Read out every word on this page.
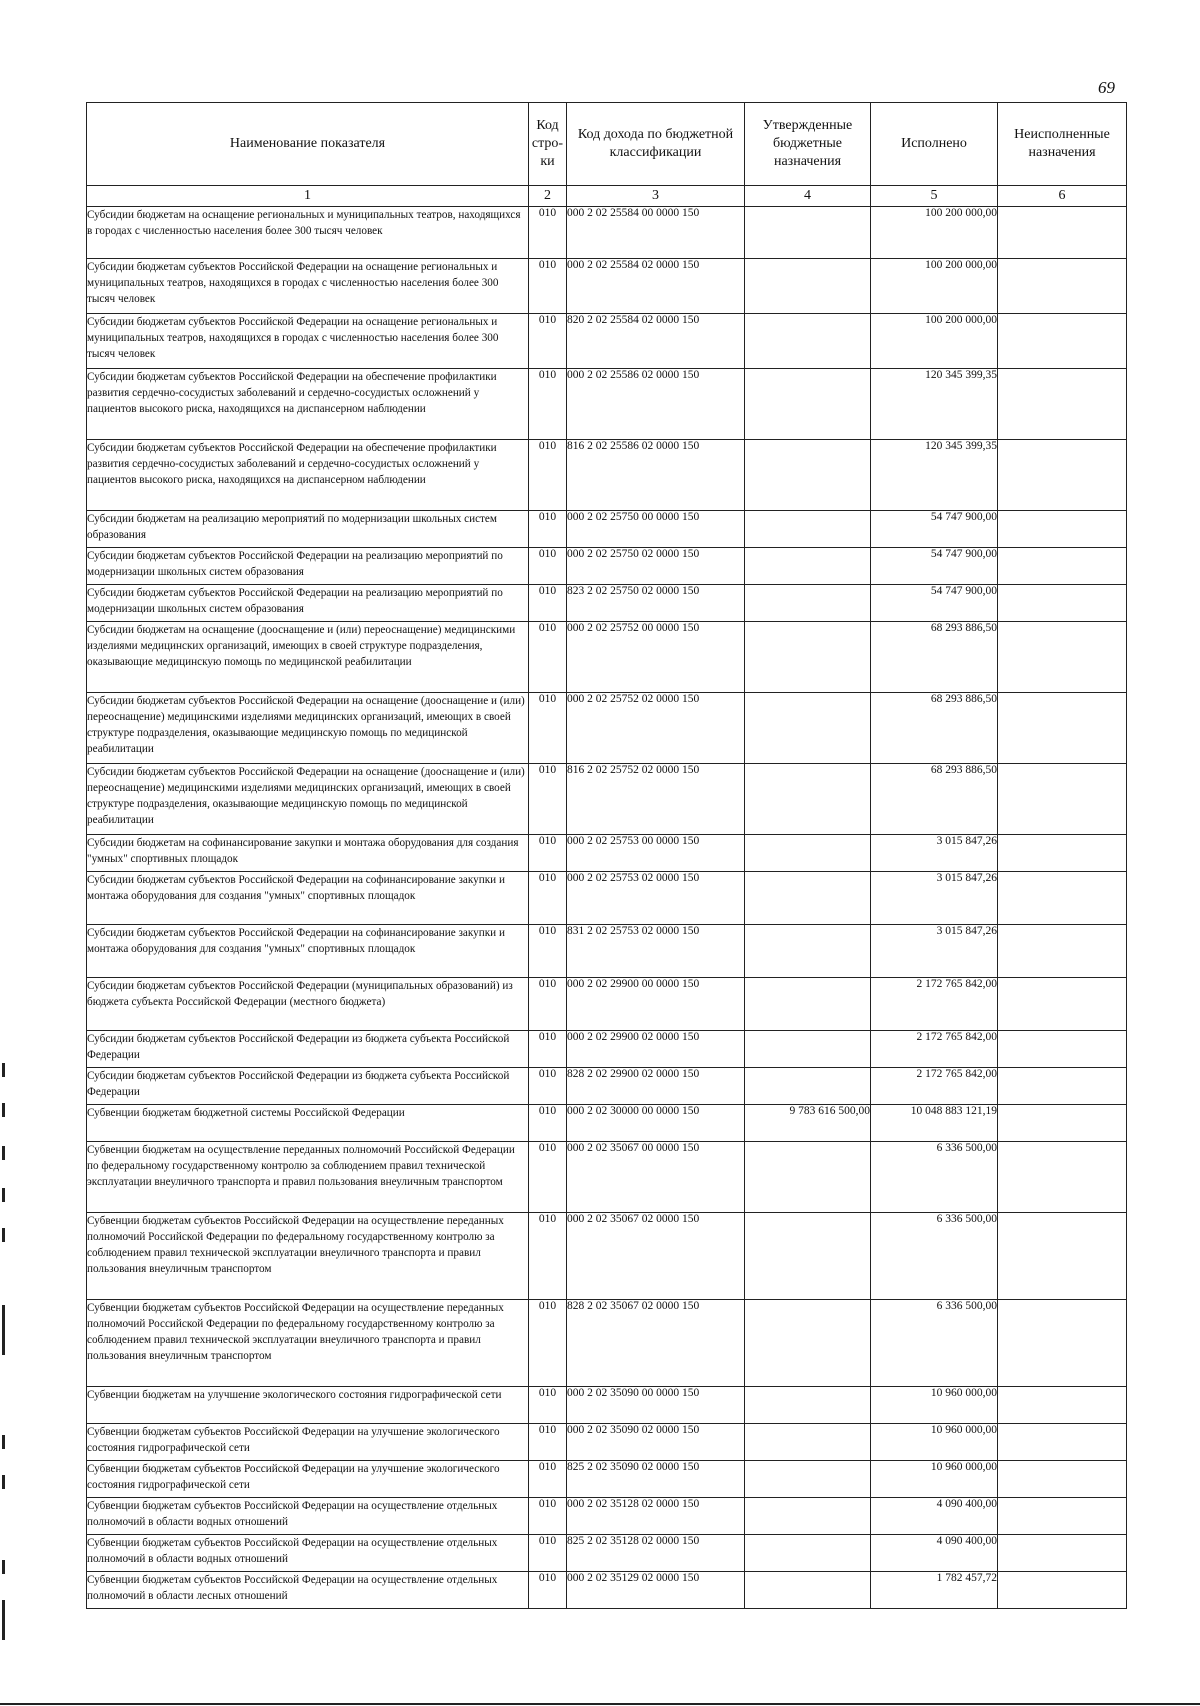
69
Наименование показателя	Код стро-ки	Код дохода по бюджетной классификации	Утвержденные бюджетные назначения	Исполнено	Неисполненные назначения
1	2	3	4	5	6
Субсидии бюджетам на оснащение региональных и муниципальных театров, находящихся в городах с численностью населения более 300 тысяч человек	010	000 2 02 25584 00 0000 150		100 200 000,00	
Субсидии бюджетам субъектов Российской Федерации на оснащение региональных и муниципальных театров, находящихся в городах с численностью населения более 300 тысяч человек	010	000 2 02 25584 02 0000 150		100 200 000,00	
Субсидии бюджетам субъектов Российской Федерации на оснащение региональных и муниципальных театров, находящихся в городах с численностью населения более 300 тысяч человек	010	820 2 02 25584 02 0000 150		100 200 000,00	
Субсидии бюджетам субъектов Российской Федерации на обеспечение профилактики развития сердечно-сосудистых заболеваний и сердечно-сосудистых осложнений у пациентов высокого риска, находящихся на диспансерном наблюдении	010	000 2 02 25586 02 0000 150		120 345 399,35	
Субсидии бюджетам субъектов Российской Федерации на обеспечение профилактики развития сердечно-сосудистых заболеваний и сердечно-сосудистых осложнений у пациентов высокого риска, находящихся на диспансерном наблюдении	010	816 2 02 25586 02 0000 150		120 345 399,35	
Субсидии бюджетам на реализацию мероприятий по модернизации школьных систем образования	010	000 2 02 25750 00 0000 150		54 747 900,00	
Субсидии бюджетам субъектов Российской Федерации на реализацию мероприятий по модернизации школьных систем образования	010	000 2 02 25750 02 0000 150		54 747 900,00	
Субсидии бюджетам субъектов Российской Федерации на реализацию мероприятий по модернизации школьных систем образования	010	823 2 02 25750 02 0000 150		54 747 900,00	
Субсидии бюджетам на оснащение (дооснащение и (или) переоснащение) медицинскими изделиями медицинских организаций, имеющих в своей структуре подразделения, оказывающие медицинскую помощь по медицинской реабилитации	010	000 2 02 25752 00 0000 150		68 293 886,50	
Субсидии бюджетам субъектов Российской Федерации на оснащение (дооснащение и (или) переоснащение) медицинскими изделиями медицинских организаций, имеющих в своей структуре подразделения, оказывающие медицинскую помощь по медицинской реабилитации	010	000 2 02 25752 02 0000 150		68 293 886,50	
Субсидии бюджетам субъектов Российской Федерации на оснащение (дооснащение и (или) переоснащение) медицинскими изделиями медицинских организаций, имеющих в своей структуре подразделения, оказывающие медицинскую помощь по медицинской реабилитации	010	816 2 02 25752 02 0000 150		68 293 886,50	
Субсидии бюджетам на софинансирование закупки и монтажа оборудования для создания "умных" спортивных площадок	010	000 2 02 25753 00 0000 150		3 015 847,26	
Субсидии бюджетам субъектов Российской Федерации на софинансирование закупки и монтажа оборудования для создания "умных" спортивных площадок	010	000 2 02 25753 02 0000 150		3 015 847,26	
Субсидии бюджетам субъектов Российской Федерации на софинансирование закупки и монтажа оборудования для создания "умных" спортивных площадок	010	831 2 02 25753 02 0000 150		3 015 847,26	
Субсидии бюджетам субъектов Российской Федерации (муниципальных образований) из бюджета субъекта Российской Федерации (местного бюджета)	010	000 2 02 29900 00 0000 150		2 172 765 842,00	
Субсидии бюджетам субъектов Российской Федерации из бюджета субъекта Российской Федерации	010	000 2 02 29900 02 0000 150		2 172 765 842,00	
Субсидии бюджетам субъектов Российской Федерации из бюджета субъекта Российской Федерации	010	828 2 02 29900 02 0000 150		2 172 765 842,00	
Субвенции бюджетам бюджетной системы Российской Федерации	010	000 2 02 30000 00 0000 150	9 783 616 500,00	10 048 883 121,19	
Субвенции бюджетам на осуществление переданных полномочий Российской Федерации по федеральному государственному контролю за соблюдением правил технической эксплуатации внеуличного транспорта и правил пользования внеуличным транспортом	010	000 2 02 35067 00 0000 150		6 336 500,00	
Субвенции бюджетам субъектов Российской Федерации на осуществление переданных полномочий Российской Федерации по федеральному государственному контролю за соблюдением правил технической эксплуатации внеуличного транспорта и правил пользования внеуличным транспортом	010	000 2 02 35067 02 0000 150		6 336 500,00	
Субвенции бюджетам субъектов Российской Федерации на осуществление переданных полномочий Российской Федерации по федеральному государственному контролю за соблюдением правил технической эксплуатации внеуличного транспорта и правил пользования внеуличным транспортом	010	828 2 02 35067 02 0000 150		6 336 500,00	
Субвенции бюджетам на улучшение экологического состояния гидрографической сети	010	000 2 02 35090 00 0000 150		10 960 000,00	
Субвенции бюджетам субъектов Российской Федерации на улучшение экологического состояния гидрографической сети	010	000 2 02 35090 02 0000 150		10 960 000,00	
Субвенции бюджетам субъектов Российской Федерации на улучшение экологического состояния гидрографической сети	010	825 2 02 35090 02 0000 150		10 960 000,00	
Субвенции бюджетам субъектов Российской Федерации на осуществление отдельных полномочий в области водных отношений	010	000 2 02 35128 02 0000 150		4 090 400,00	
Субвенции бюджетам субъектов Российской Федерации на осуществление отдельных полномочий в области водных отношений	010	825 2 02 35128 02 0000 150		4 090 400,00	
Субвенции бюджетам субъектов Российской Федерации на осуществление отдельных полномочий в области лесных отношений	010	000 2 02 35129 02 0000 150		1 782 457,72	
